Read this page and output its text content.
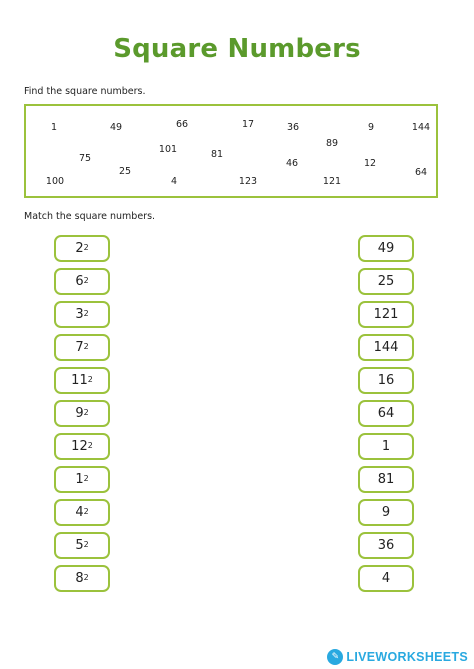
Square Numbers
Find the square numbers.
1	49	66	17	36	9	144
89
101	81
75	46	12
25	64
100	4	123	121
Match the square numbers.
$2^2$
$6^2$
$3^2$
$7^2$
$11^2$
$9^2$
$12^2$
$1^2$
$4^2$
$5^2$
$8^2$
49
25
121
144
16
64
1
81
9
36
4
✎ LIVEWORKSHEETS
